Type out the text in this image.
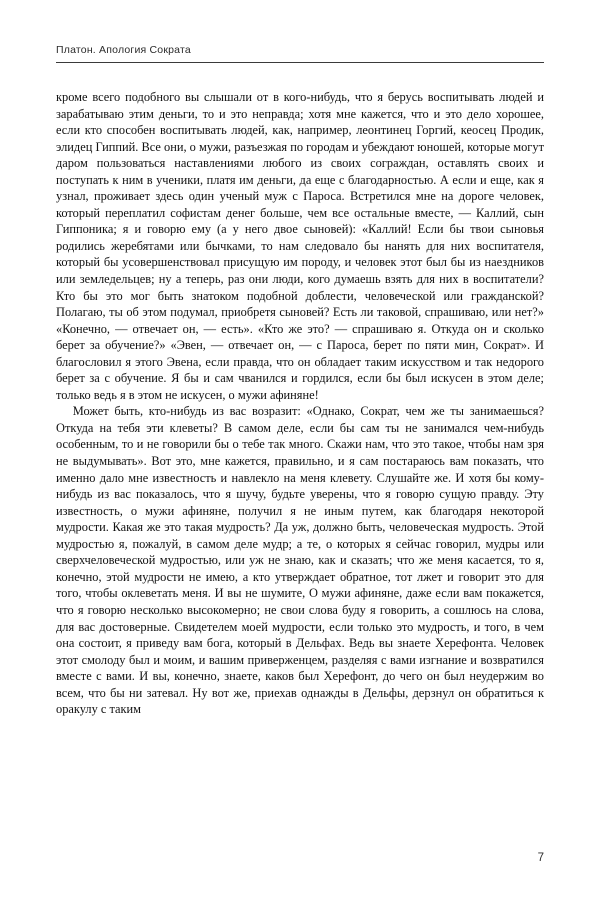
Платон. Апология Сократа

кроме всего подобного вы слышали от в кого-нибудь, что я берусь воспитывать людей и зарабатываю этим деньги, то и это неправда; хотя мне кажется, что и это дело хорошее, если кто способен воспитывать людей, как, например, леонтинец Горгий, кеосец Продик, элидец Гиппий. Все они, о мужи, разъезжая по городам и убеждают юношей, которые могут даром пользоваться наставлениями любого из своих сограждан, оставлять своих и поступать к ним в ученики, платя им деньги, да еще с благодарностью. А если и еще, как я узнал, проживает здесь один ученый муж с Пароса. Встретился мне на дороге человек, который переплатил софистам денег больше, чем все остальные вместе, — Каллий, сын Гиппоника; я и говорю ему (а у него двое сыновей): «Каллий! Если бы твои сыновья родились жеребятами или бычками, то нам следовало бы нанять для них воспитателя, который бы усовершенствовал присущую им породу, и человек этот был бы из наездников или земледельцев; ну а теперь, раз они люди, кого думаешь взять для них в воспитатели? Кто бы это мог быть знатоком подобной доблести, человеческой или гражданской? Полагаю, ты об этом подумал, приобретя сыновей? Есть ли таковой, спрашиваю, или нет?» «Конечно, — отвечает он, — есть». «Кто же это? — спрашиваю я. Откуда он и сколько берет за обучение?» «Эвен, — отвечает он, — с Пароса, берет по пяти мин, Сократ». И благословил я этого Эвена, если правда, что он обладает таким искусством и так недорого берет за с обучение. Я бы и сам чванился и гордился, если бы был искусен в этом деле; только ведь я в этом не искусен, о мужи афиняне!

Может быть, кто-нибудь из вас возразит: «Однако, Сократ, чем же ты занимаешься? Откуда на тебя эти клеветы? В самом деле, если бы сам ты не занимался чем-нибудь особенным, то и не говорили бы о тебе так много. Скажи нам, что это такое, чтобы нам зря не выдумывать». Вот это, мне кажется, правильно, и я сам постараюсь вам показать, что именно дало мне известность и навлекло на меня клевету. Слушайте же. И хотя бы кому-нибудь из вас показалось, что я шучу, будьте уверены, что я говорю сущую правду. Эту известность, о мужи афиняне, получил я не иным путем, как благодаря некоторой мудрости. Какая же это такая мудрость? Да уж, должно быть, человеческая мудрость. Этой мудростью я, пожалуй, в самом деле мудр; а те, о которых я сейчас говорил, мудры или сверхчеловеческой мудростью, или уж не знаю, как и сказать; что же меня касается, то я, конечно, этой мудрости не имею, а кто утверждает обратное, тот лжет и говорит это для того, чтобы оклеветать меня. И вы не шумите, О мужи афиняне, даже если вам покажется, что я говорю несколько высокомерно; не свои слова буду я говорить, а сошлюсь на слова, для вас достоверные. Свидетелем моей мудрости, если только это мудрость, и того, в чем она состоит, я приведу вам бога, который в Дельфах. Ведь вы знаете Херефонта. Человек этот смолоду был и моим, и вашим приверженцем, разделяя с вами изгнание и возвратился вместе с вами. И вы, конечно, знаете, каков был Херефонт, до чего он был неудержим во всем, что бы ни затевал. Ну вот же, приехав однажды в Дельфы, дерзнул он обратиться к оракулу с таким

7
